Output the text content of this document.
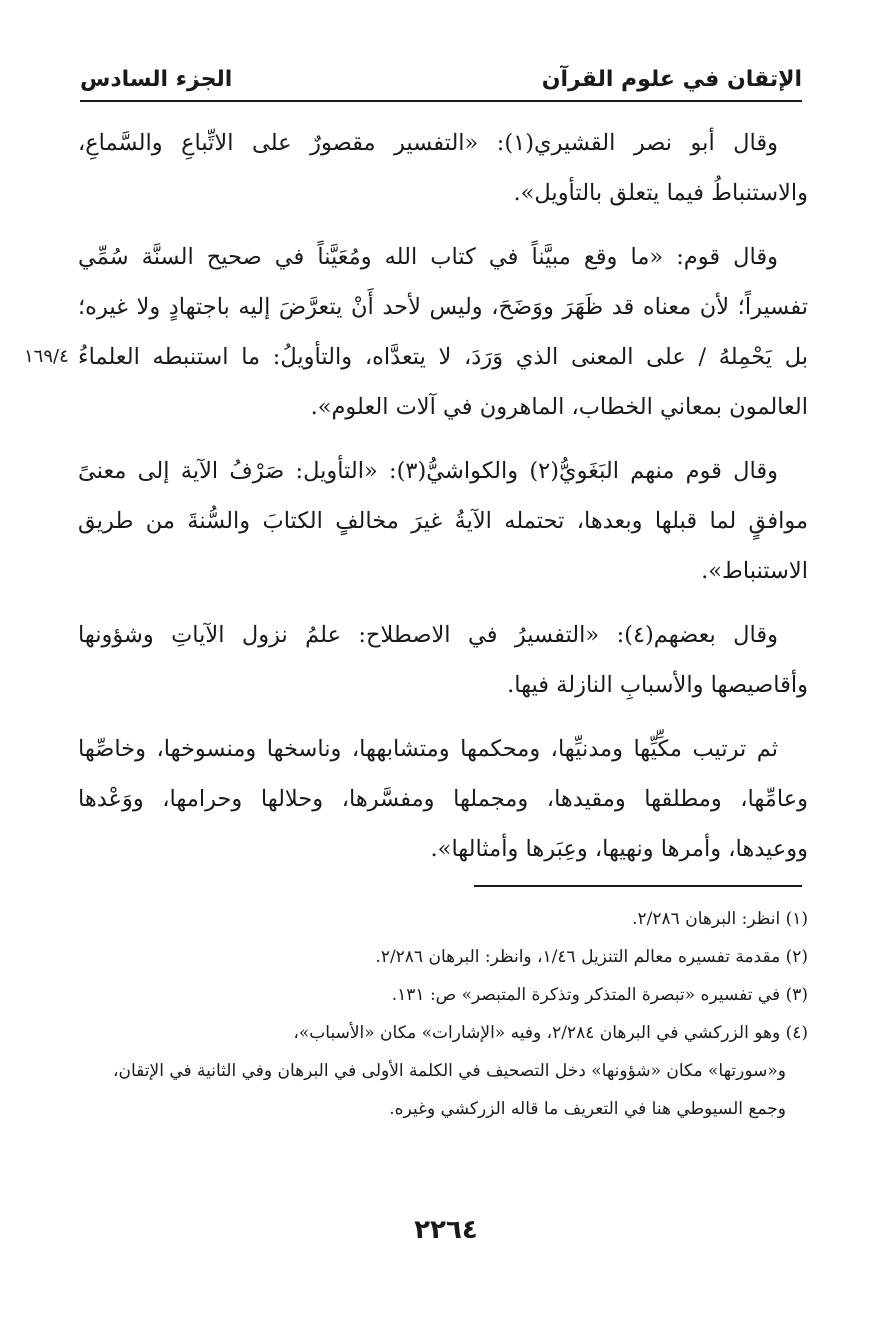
الإتقان في علوم القرآن
الجزء السادس
١٦٩/٤

وقال أبو نصر القشيري(١): «التفسير مقصورٌ على الاتِّباعِ والسَّماعِ، والاستنباطُ فيما يتعلق بالتأويل».

وقال قوم: «ما وقع مبيَّناً في كتاب الله ومُعَيَّناً في صحيح السنَّة سُمِّي تفسيراً؛ لأن معناه قد ظَهَرَ ووَضَحَ، وليس لأحد أَنْ يتعرَّضَ إليه باجتهادٍ ولا غيره؛ بل يَحْمِلهُ / على المعنى الذي وَرَدَ، لا يتعدَّاه، والتأويلُ: ما استنبطه العلماءُ العالمون بمعاني الخطاب، الماهرون في آلات العلوم».

وقال قوم منهم البَغَويُّ(٢) والكواشيُّ(٣): «التأويل: صَرْفُ الآية إلى معنىً موافقٍ لما قبلها وبعدها، تحتمله الآيةُ غيرَ مخالفٍ الكتابَ والسُّنةَ من طريق الاستنباط».

وقال بعضهم(٤): «التفسيرُ في الاصطلاح: علمُ نزول الآياتِ وشؤونها وأقاصيصها والأسبابِ النازلة فيها.

ثم ترتيب مكِّيِّها ومدنيِّها، ومحكمها ومتشابهها، وناسخها ومنسوخها، وخاصِّها وعامِّها، ومطلقها ومقيدها، ومجملها ومفسَّرها، وحلالها وحرامها، ووَعْدها ووعيدها، وأمرها ونهيها، وعِبَرها وأمثالها».

(١) انظر: البرهان ٢/٢٨٦.

(٢) مقدمة تفسيره معالم التنزيل ١/٤٦، وانظر: البرهان ٢/٢٨٦.

(٣) في تفسيره «تبصرة المتذكر وتذكرة المتبصر» ص: ١٣١.

(٤) وهو الزركشي في البرهان ٢/٢٨٤، وفيه «الإشارات» مكان «الأسباب»،

و«سورتها» مكان «شؤونها» دخل التصحيف في الكلمة الأولى في البرهان وفي الثانية في الإتقان، وجمع السيوطي هنا في التعريف ما قاله الزركشي وغيره.

٢٢٦٤
